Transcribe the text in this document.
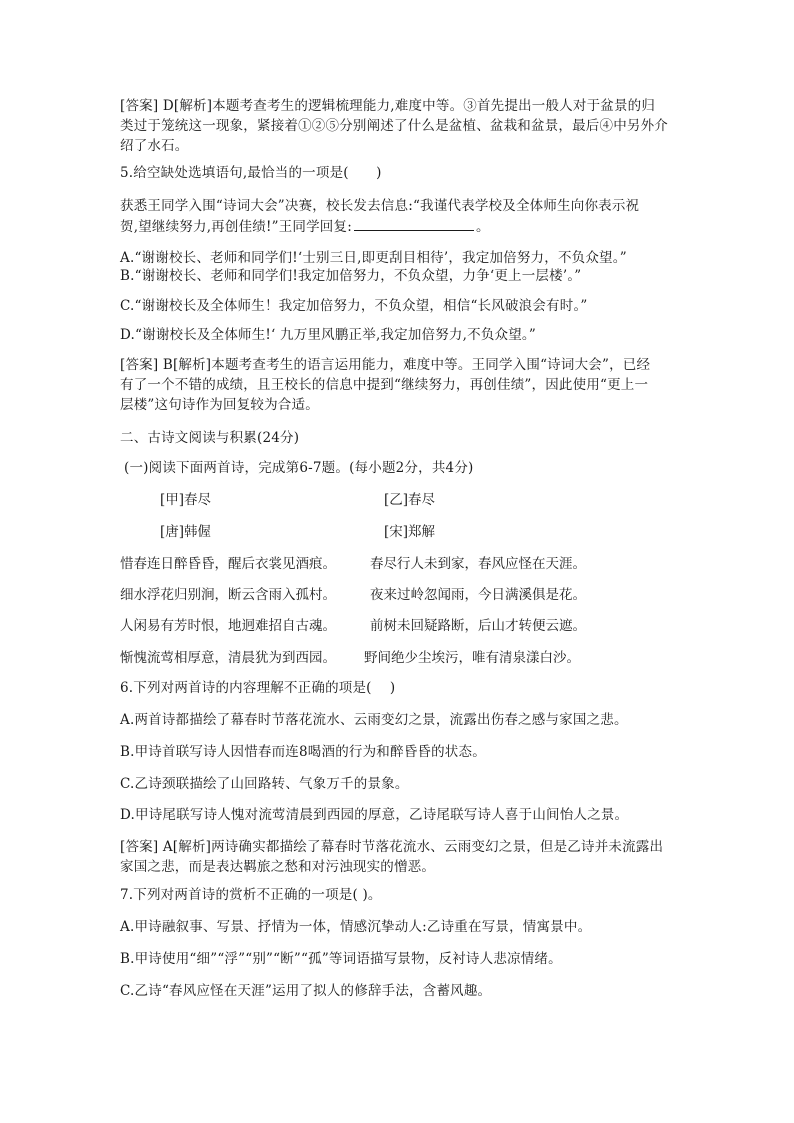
[答案] D[解析]本题考查考生的逻辑梳理能力,难度中等。③首先提出一般人对于盆景的归
类过于笼统这一现象，紧接着①②⑤分别阐述了什么是盆植、盆栽和盆景，最后④中另外介
绍了水石。
5.给空缺处选填语句,最恰当的一项是(　　)
获悉王同学入围“诗词大会”决赛，校长发去信息:“我谨代表学校及全体师生向你表示祝
贺,望继续努力,再创佳绩!”王同学回复:	。
A.“谢谢校长、老师和同学们!‘士别三日,即更刮目相待’，我定加倍努力，不负众望。”
B.“谢谢校长、老师和同学们!我定加倍努力，不负众望，力争‘更上一层楼’。”
C.“谢谢校长及全体师生！我定加倍努力，不负众望，相信“长风破浪会有时。”
D.“谢谢校长及全体师生!‘ 九万里风鹏正举,我定加倍努力,不负众望。”
[答案] B[解析]本题考查考生的语言运用能力，难度中等。王同学入围“诗词大会”，已经
有了一个不错的成绩，且王校长的信息中提到“继续努力，再创佳绩”，因此使用“更上一
层楼”这句诗作为回复较为合适。
二、古诗文阅读与积累(24分)
(一)阅读下面两首诗，完成第6-7题。(每小题2分，共4分)
[甲]春尽	[乙]春尽
[唐]韩偓	[宋]郑解
惜春连日醉昏昏，醒后衣裳见酒痕。	春尽行人未到家，春风应怪在天涯。
细水浮花归别涧，断云含雨入孤村。	夜来过岭忽闻雨，今日满溪俱是花。
人闲易有芳时恨，地迥难招自古魂。	前树未回疑路断，后山才转便云遮。
惭愧流莺相厚意，清晨犹为到西园。 野间绝少尘埃污，唯有清泉漾白沙。
6.下列对两首诗的内容理解不正确的项是(　 )
A.两首诗都描绘了幕春时节落花流水、云雨变幻之景，流露出伤春之感与家国之悲。
B.甲诗首联写诗人因惜春而连8喝酒的行为和醉昏昏的状态。
C.乙诗颈联描绘了山回路转、气象万千的景象。
D.甲诗尾联写诗人愧对流莺清晨到西园的厚意，乙诗尾联写诗人喜于山间怡人之景。
[答案] A[解析]两诗确实都描绘了幕春时节落花流水、云雨变幻之景，但是乙诗并未流露出
家国之悲，而是表达羁旅之愁和对污浊现实的憎恶。
7.下列对两首诗的赏析不正确的一项是( )。
A.甲诗融叙事、写景、抒情为一体，情感沉挚动人:乙诗重在写景，情寓景中。
B.甲诗使用“细”“浮”“别”“断”“孤”等词语描写景物，反衬诗人悲凉情绪。
C.乙诗“春风应怪在天涯”运用了拟人的修辞手法，含蓄风趣。
